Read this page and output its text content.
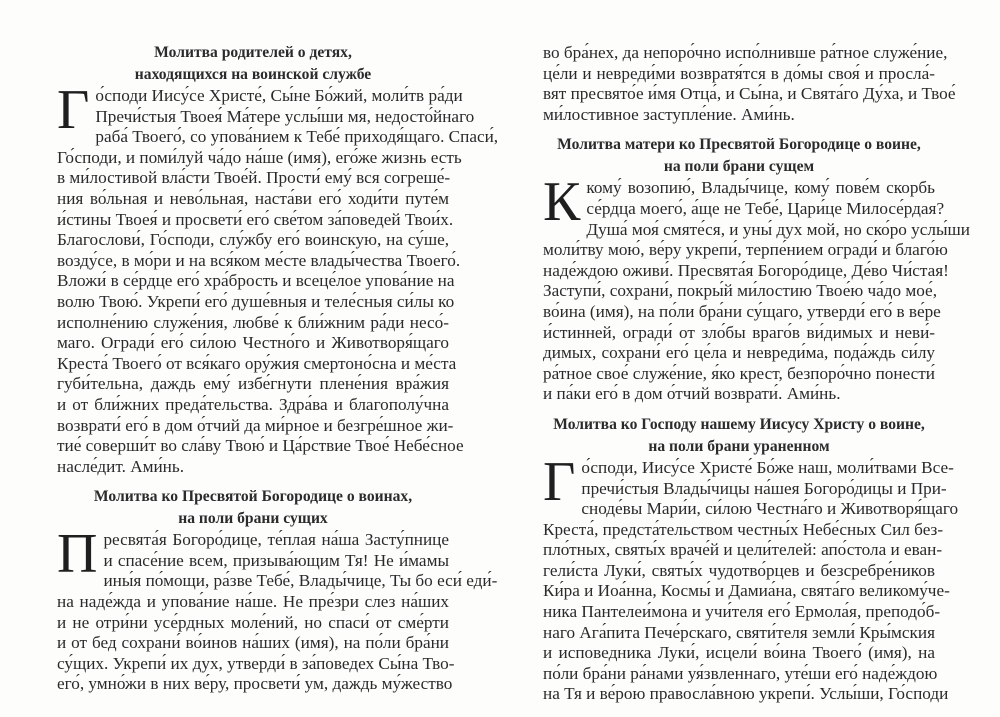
Молитва родителей о детях,
находящихся на воинской службе
Г о́споди Иису́се Христе́, Сы́не Бо́жий, моли́тв ра́ди
Пречи́стыя Твоея́ Ма́тере услы́ши мя, недосто́йнаго
раба́ Твоего́, со упова́нием к Тебе́ приходя́щаго. Спаси́,
Го́споди, и поми́луй ча́до на́ше (имя), его́же жизнь есть
в ми́лостивой вла́сти Твое́й. Прости́ ему́ вся согреше́-
ния во́льная и нево́льная, наста́ви его́ ходи́ти путе́м
и́стины Твоея́ и просвети́ его́ све́том за́поведей Твои́х.
Благослови́, Го́споди, слу́жбу его́ воинскую, на су́ше,
возду́се, в мо́ри и на вся́ком ме́сте влады́чества Твоего́.
Вложи́ в се́рдце его́ хра́брость и всеце́лое упова́ние на
волю Твою́. Укрепи́ его́ душе́вныя и теле́сныя си́лы ко
исполне́нию служе́ния, любве́ к бли́жним ра́ди несо́-
маго. Огради́ его́ си́лою Честно́го и Животворя́щаго
Креста́ Твоего́ от вся́каго ору́жия смертоно́сна и ме́ста
губи́тельна, даждь ему́ избе́гнути плене́ния вра́жия
и от бли́жних преда́тельства. Здра́ва и благополу́чна
возврати́ его́ в дом о́тчий да ми́рное и безгре́шное жи-
тие́ соверши́т во сла́ву Твою́ и Ца́рствие Твое́ Небе́сное
насле́дит. Ами́нь.
Молитва ко Пресвятой Богородице о воинах,
на поли брани сущих
П ресвята́я Богоро́дице, те́плая на́ша Засту́пнице
и спасе́ние всем, призыва́ющим Тя! Не и́мамы
ины́я по́мощи, ра́зве Тебе́, Влады́чице, Ты бо еси́ еди́-
на наде́жда и упова́ние на́ше. Не пре́зри слез на́ших
и не отри́ни усе́рдных моле́ний, но спаси́ от сме́рти
и от бед сохрани́ во́инов на́ших (имя), на по́ли бра́ни
су́щих. Укрепи́ их дух, утверди́ в за́поведех Сы́на Тво-
его́, умно́жи в них ве́ру, просвети́ ум, даждь му́жество
во бра́нех, да непоро́чно испо́лнивше ра́тное служе́ние,
це́ли и невреди́ми возвратя́тся в до́мы своя́ и просла́-
вят пресвято́е и́мя Отца́, и Сы́на, и Свята́го Ду́ха, и Твое́
ми́лостивное заступле́ние. Ами́нь.
Молитва матери ко Пресвятой Богородице о воине,
на поли брани сущем
К кому́ возопию́, Влады́чице, кому́ пове́м скорбь
се́рдца моего́, а́ще не Тебе́, Цари́це Милосе́рдая?
Душа́ моя́ смяте́ся, и уны́ дух мой, но ско́ро услы́ши
моли́тву мою́, ве́ру укрепи́, терпе́нием огради́ и благо́ю
наде́ждою оживи́. Пресвята́я Богоро́дице, Де́во Чи́стая!
Заступи́, сохрани́, покры́й ми́лостию Твое́ю ча́до мое́,
во́ина (имя), на по́ли бра́ни су́щаго, утверди́ его́ в ве́ре
и́стинней, огради́ от зло́бы враго́в ви́димых и неви́-
димых, сохрани́ его́ це́ла и невреди́ма, пода́ждь си́лу
ра́тное свое́ служе́ние, я́ко крест, безпоро́чно понести́
и па́ки его́ в дом о́тчий возврати́. Ами́нь.
Молитва ко Господу нашему Иисусу Христу о воине,
на поли брани ураненном
Г о́споди, Иису́се Христе́ Бо́же наш, моли́твами Все-
пречи́стыя Влады́чицы на́шея Богоро́дицы и При-
сноде́вы Мари́и, си́лою Честна́го и Животворя́щаго
Креста́, предста́тельством честны́х Небе́сных Сил без-
пло́тных, святы́х враче́й и цели́телей: апо́стола и еван-
гели́ста Луки́, святы́х чудотво́рцев и безсребре́ников
Ки́ра и Иоа́нна, Космы́ и Дамиа́на, свята́го великому́че-
ника Пантелеи́мона и учи́теля его́ Ермола́я, преподо́б-
наго Ага́пита Пече́рскаго, святи́теля земли́ Кры́мския
и исповедника Луки́, исцели́ во́ина Твоего́ (имя), на
по́ли бра́ни ра́нами уя́звленнаго, уте́ши его́ наде́ждою
на Тя и ве́рою правосла́вною укрепи́. Услы́ши, Го́споди
